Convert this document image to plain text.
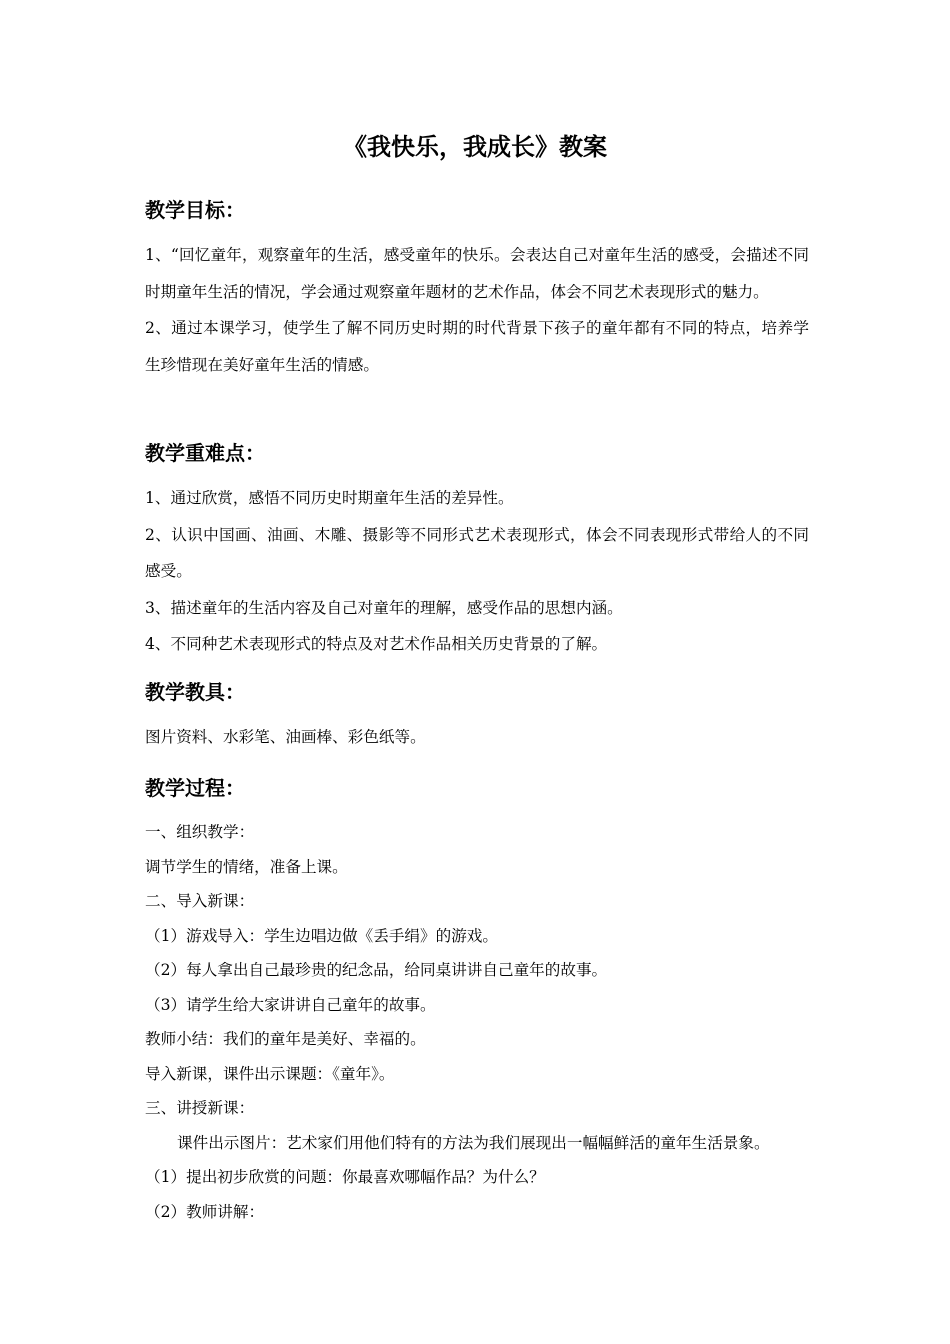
《我快乐，我成长》教案
教学目标：

1、“回忆童年，观察童年的生活，感受童年的快乐。会表达自己对童年生活的感受，会描述不同时期童年生活的情况，学会通过观察童年题材的艺术作品，体会不同艺术表现形式的魅力。

2、通过本课学习，使学生了解不同历史时期的时代背景下孩子的童年都有不同的特点，培养学生珍惜现在美好童年生活的情感。

教学重难点：

1、通过欣赏，感悟不同历史时期童年生活的差异性。

2、认识中国画、油画、木雕、摄影等不同形式艺术表现形式，体会不同表现形式带给人的不同感受。

3、描述童年的生活内容及自己对童年的理解，感受作品的思想内涵。

4、不同种艺术表现形式的特点及对艺术作品相关历史背景的了解。

教学教具：

图片资料、水彩笔、油画棒、彩色纸等。

教学过程：

一、组织教学：

调节学生的情绪，准备上课。

二、导入新课：

（1）游戏导入：学生边唱边做《丢手绢》的游戏。

（2）每人拿出自己最珍贵的纪念品，给同桌讲讲自己童年的故事。

（3）请学生给大家讲讲自己童年的故事。

教师小结：我们的童年是美好、幸福的。

导入新课，课件出示课题：《童年》。

三、讲授新课：

课件出示图片：艺术家们用他们特有的方法为我们展现出一幅幅鲜活的童年生活景象。

（1）提出初步欣赏的问题：你最喜欢哪幅作品？为什么？

（2）教师讲解：
